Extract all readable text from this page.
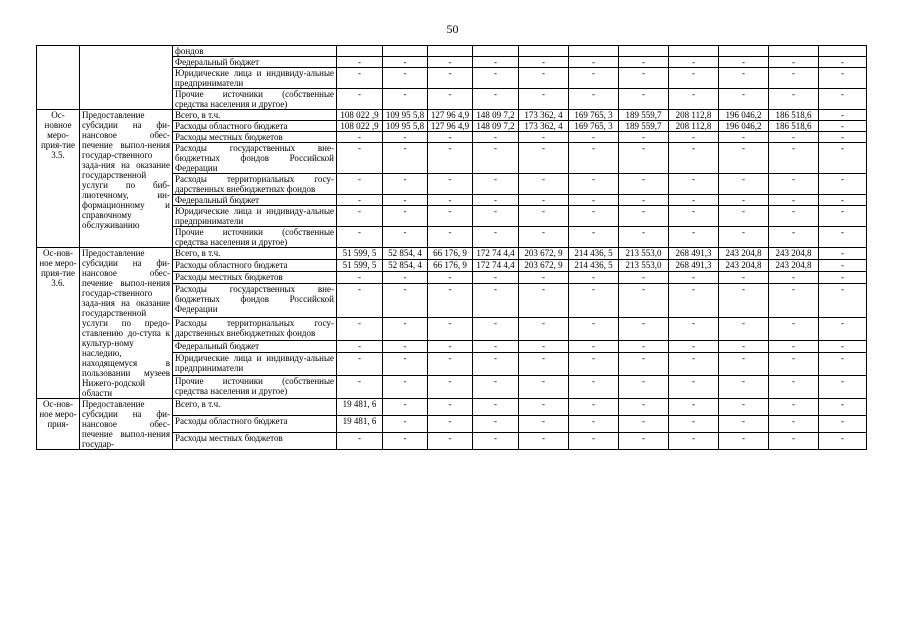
50
		фондов											
		Федеральный бюджет	-	-	-	-	-	-	-	-	-	-	-
		Юридические лица и индивиду-альные предприниматели	-	-	-	-	-	-	-	-	-	-	-
		Прочие источники (собственные средства населения и другое)	-	-	-	-	-	-	-	-	-	-	-
Ос-новное меро-прия-тие 3.5.	Предоставление субсидии на фи-нансовое обес-печение выпол-нения государ-ственного зада-ния на оказание государственной услуги по биб-лиотечному, ин-формационному и справочному обслуживанию	Всего, в т.ч.	108 022 ,9	109 95 5,8	127 96 4,9	148 09 7,2	173 362, 4	169 765, 3	189 559,7	208 112,8	196 046,2	186 518,6	-
		Расходы областного бюджета	108 022 ,9	109 95 5,8	127 96 4,9	148 09 7,2	173 362, 4	169 765, 3	189 559,7	208 112,8	196 046,2	186 518,6	-
		Расходы местных бюджетов	-	-	-	-	-	-	-	-	-	-	-
		Расходы государственных вне-бюджетных фондов Российской Федерации	-	-	-	-	-	-	-	-	-	-	-
		Расходы территориальных госу-дарственных внебюджетных фондов	-	-	-	-	-	-	-	-	-	-	-
		Федеральный бюджет	-	-	-	-	-	-	-	-	-	-	-
		Юридические лица и индивиду-альные предприниматели	-	-	-	-	-	-	-	-	-	-	-
		Прочие источники (собственные средства населения и другое)	-	-	-	-	-	-	-	-	-	-	-
Ос-нов-ное меро-прия-тие 3.6.	Предоставление субсидии на фи-нансовое обес-печение выпол-нения государ-ственного зада-ния на оказание государственной услуги по предо-ставлению до-ступа к культур-ному наследию, находящемуся в пользовании музеев Нижего-родской области	Всего, в т.ч.	51 599, 5	52 854, 4	66 176, 9	172 74 4,4	203 672, 9	214 436, 5	213 553,0	268 491,3	243 204,8	243 204,8	-
		Расходы областного бюджета	51 599, 5	52 854, 4	66 176, 9	172 74 4,4	203 672, 9	214 436, 5	213 553,0	268 491,3	243 204,8	243 204,8	-
		Расходы местных бюджетов	-	-	-	-	-	-	-	-	-	-	-
		Расходы государственных вне-бюджетных фондов Российской Федерации	-	-	-	-	-	-	-	-	-	-	-
		Расходы территориальных госу-дарственных внебюджетных фондов	-	-	-	-	-	-	-	-	-	-	-
		Федеральный бюджет	-	-	-	-	-	-	-	-	-	-	-
		Юридические лица и индивиду-альные предприниматели	-	-	-	-	-	-	-	-	-	-	-
		Прочие источники (собственные средства населения и другое)	-	-	-	-	-	-	-	-	-	-	-
Ос-нов-ное меро-прия-	Предоставление субсидии на фи-нансовое обес-печение выпол-нения государ-	Всего, в т.ч.	19 481, 6	-	-	-	-	-	-	-	-	-	-
		Расходы областного бюджета	19 481, 6	-	-	-	-	-	-	-	-	-	-
		Расходы местных бюджетов	-	-	-	-	-	-	-	-	-	-	-
